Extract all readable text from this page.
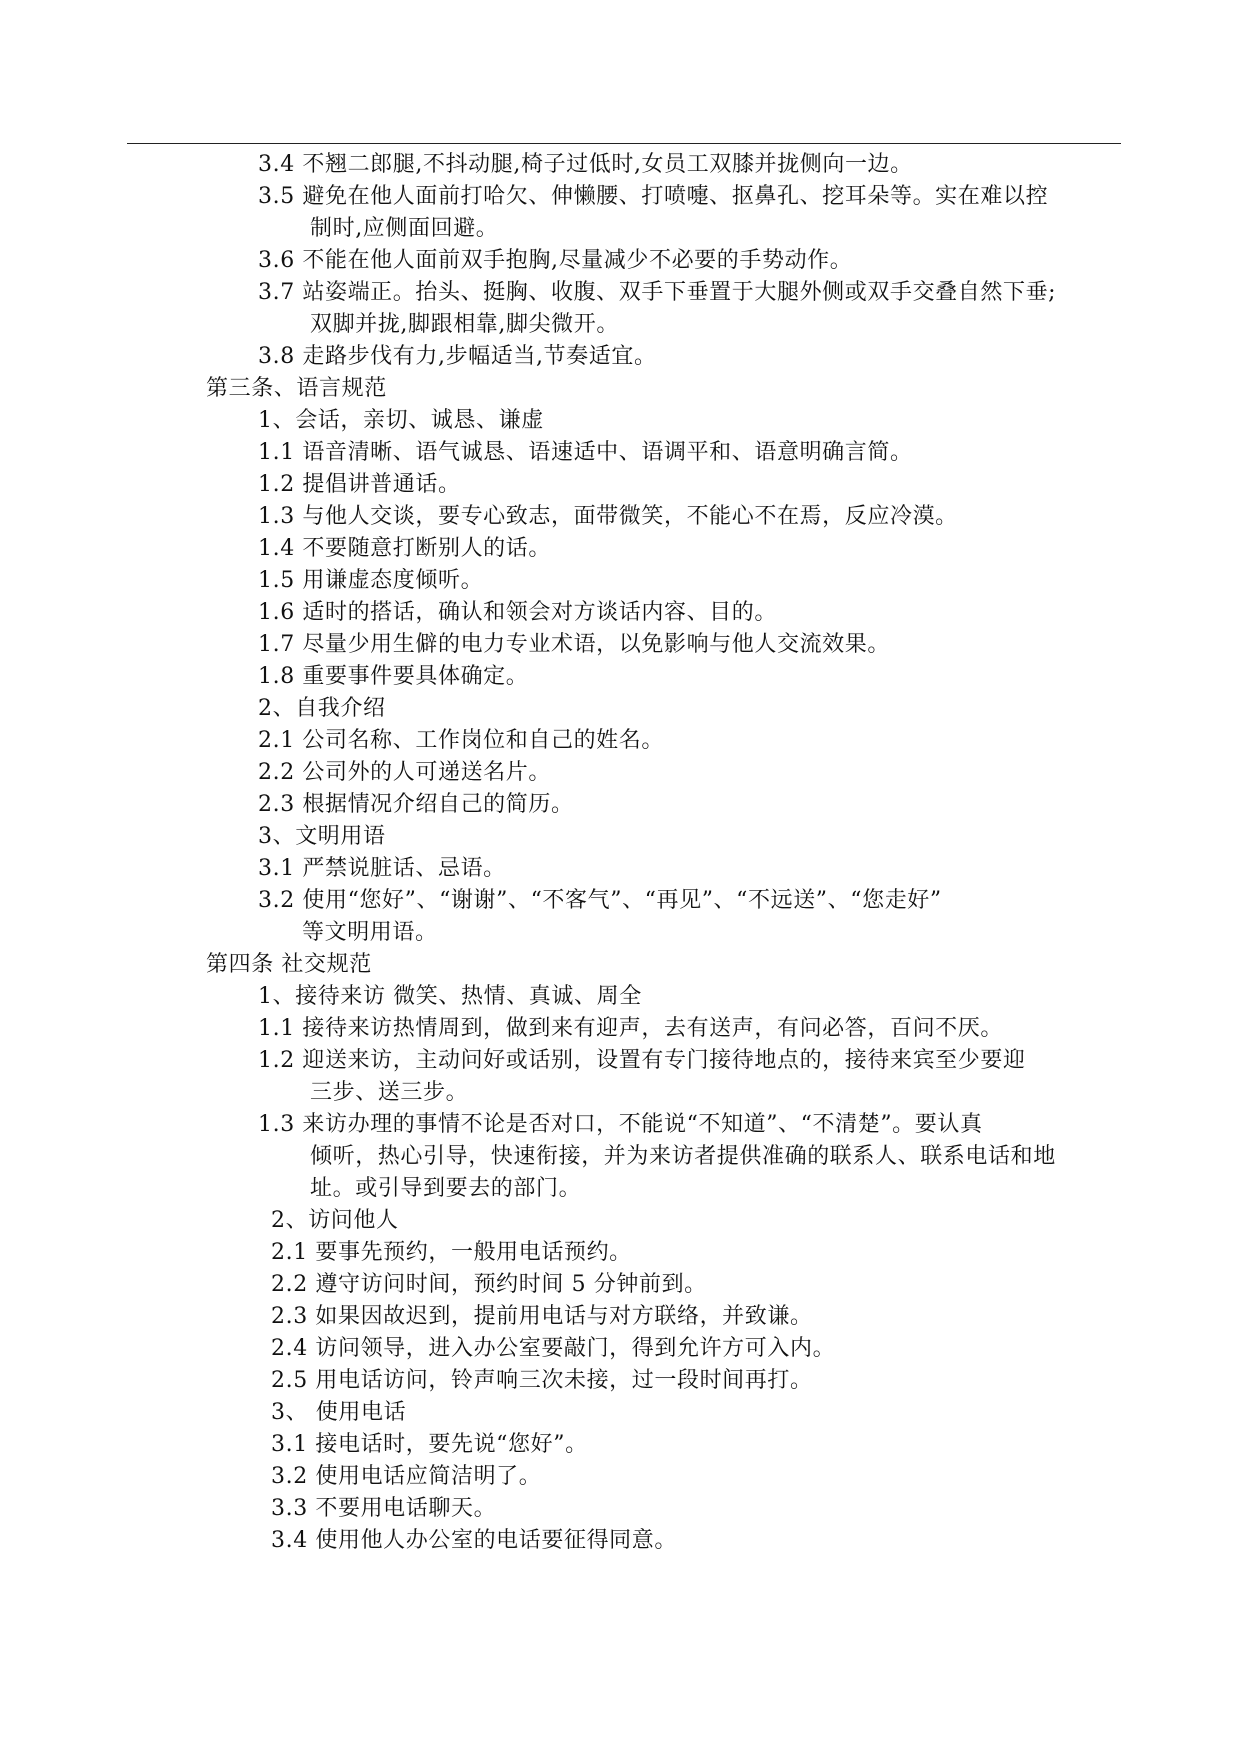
3.4 不翘二郎腿,不抖动腿,椅子过低时,女员工双膝并拢侧向一边。
3.5 避免在他人面前打哈欠、伸懒腰、打喷嚏、抠鼻孔、挖耳朵等。实在难以控
制时,应侧面回避。
3.6 不能在他人面前双手抱胸,尽量减少不必要的手势动作。
3.7 站姿端正。抬头、挺胸、收腹、双手下垂置于大腿外侧或双手交叠自然下垂;
双脚并拢,脚跟相靠,脚尖微开。
3.8 走路步伐有力,步幅适当,节奏适宜。
第三条、语言规范
1、会话，亲切、诚恳、谦虚
1.1 语音清晰、语气诚恳、语速适中、语调平和、语意明确言简。
1.2 提倡讲普通话。
1.3 与他人交谈，要专心致志，面带微笑，不能心不在焉，反应冷漠。
1.4 不要随意打断别人的话。
1.5 用谦虚态度倾听。
1.6 适时的搭话，确认和领会对方谈话内容、目的。
1.7 尽量少用生僻的电力专业术语，以免影响与他人交流效果。
1.8 重要事件要具体确定。
2、自我介绍
2.1 公司名称、工作岗位和自己的姓名。
2.2 公司外的人可递送名片。
2.3 根据情况介绍自己的简历。
3、文明用语
3.1 严禁说脏话、忌语。
3.2 使用“您好”、“谢谢”、“不客气”、“再见”、“不远送”、“您走好”
等文明用语。
第四条 社交规范
1、接待来访 微笑、热情、真诚、周全
1.1 接待来访热情周到，做到来有迎声，去有送声，有问必答，百问不厌。
1.2 迎送来访，主动问好或话别，设置有专门接待地点的，接待来宾至少要迎
三步、送三步。
1.3 来访办理的事情不论是否对口，不能说“不知道”、“不清楚”。要认真
倾听，热心引导，快速衔接，并为来访者提供准确的联系人、联系电话和地
址。或引导到要去的部门。
2、访问他人
2.1 要事先预约，一般用电话预约。
2.2 遵守访问时间，预约时间 5 分钟前到。
2.3 如果因故迟到，提前用电话与对方联络，并致谦。
2.4 访问领导，进入办公室要敲门，得到允许方可入内。
2.5 用电话访问，铃声响三次未接，过一段时间再打。
3、 使用电话
3.1 接电话时，要先说“您好”。
3.2 使用电话应简洁明了。
3.3 不要用电话聊天。
3.4 使用他人办公室的电话要征得同意。
